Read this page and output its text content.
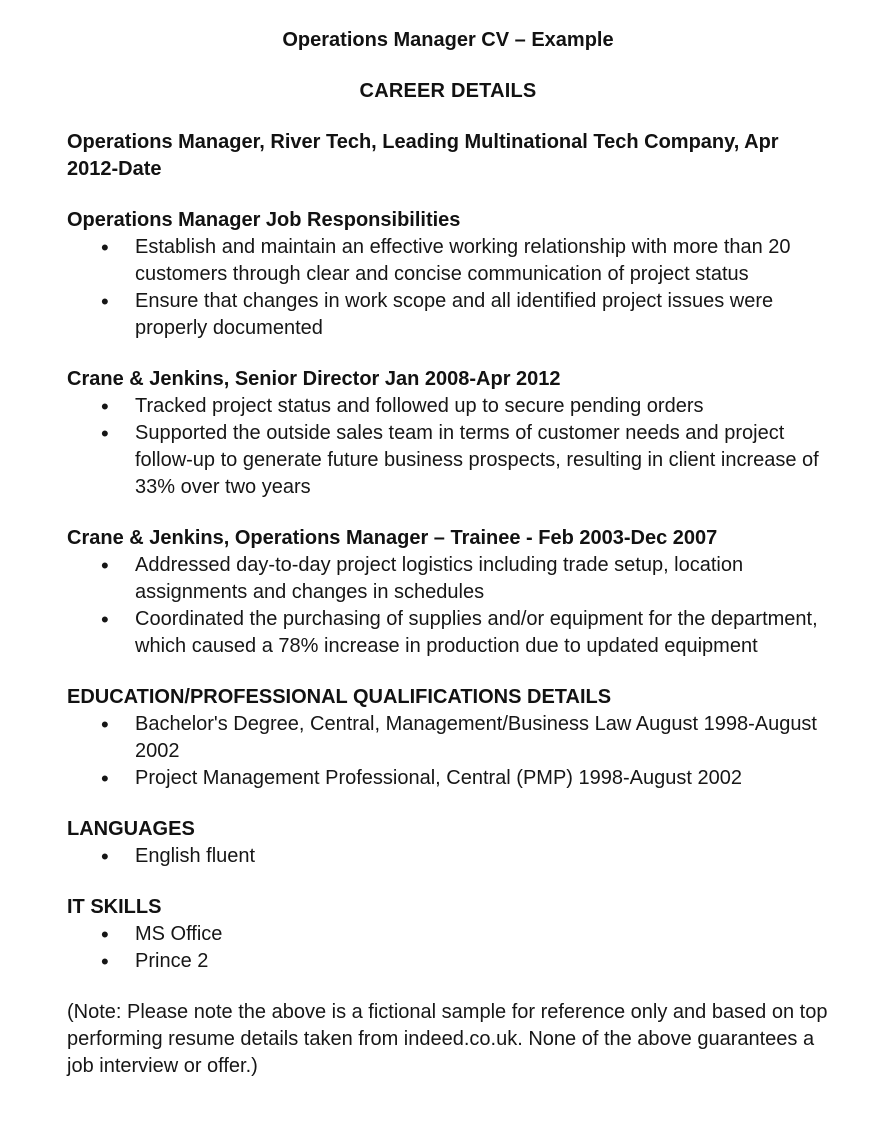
Operations Manager CV – Example
CAREER DETAILS
Operations Manager, River Tech, Leading Multinational Tech Company, Apr 2012-Date
Operations Manager Job Responsibilities
• Establish and maintain an effective working relationship with more than 20 customers through clear and concise communication of project status
• Ensure that changes in work scope and all identified project issues were properly documented
Crane & Jenkins, Senior Director Jan 2008-Apr 2012
• Tracked project status and followed up to secure pending orders
• Supported the outside sales team in terms of customer needs and project follow-up to generate future business prospects, resulting in client increase of 33% over two years
Crane & Jenkins, Operations Manager – Trainee - Feb 2003-Dec 2007
• Addressed day-to-day project logistics including trade setup, location assignments and changes in schedules
• Coordinated the purchasing of supplies and/or equipment for the department, which caused a 78% increase in production due to updated equipment
EDUCATION/PROFESSIONAL QUALIFICATIONS DETAILS
• Bachelor's Degree, Central, Management/Business Law August 1998-August 2002
• Project Management Professional, Central (PMP) 1998-August 2002
LANGUAGES
• English fluent
IT SKILLS
• MS Office
• Prince 2

(Note: Please note the above is a fictional sample for reference only and based on top performing resume details taken from indeed.co.uk. None of the above guarantees a job interview or offer.)
